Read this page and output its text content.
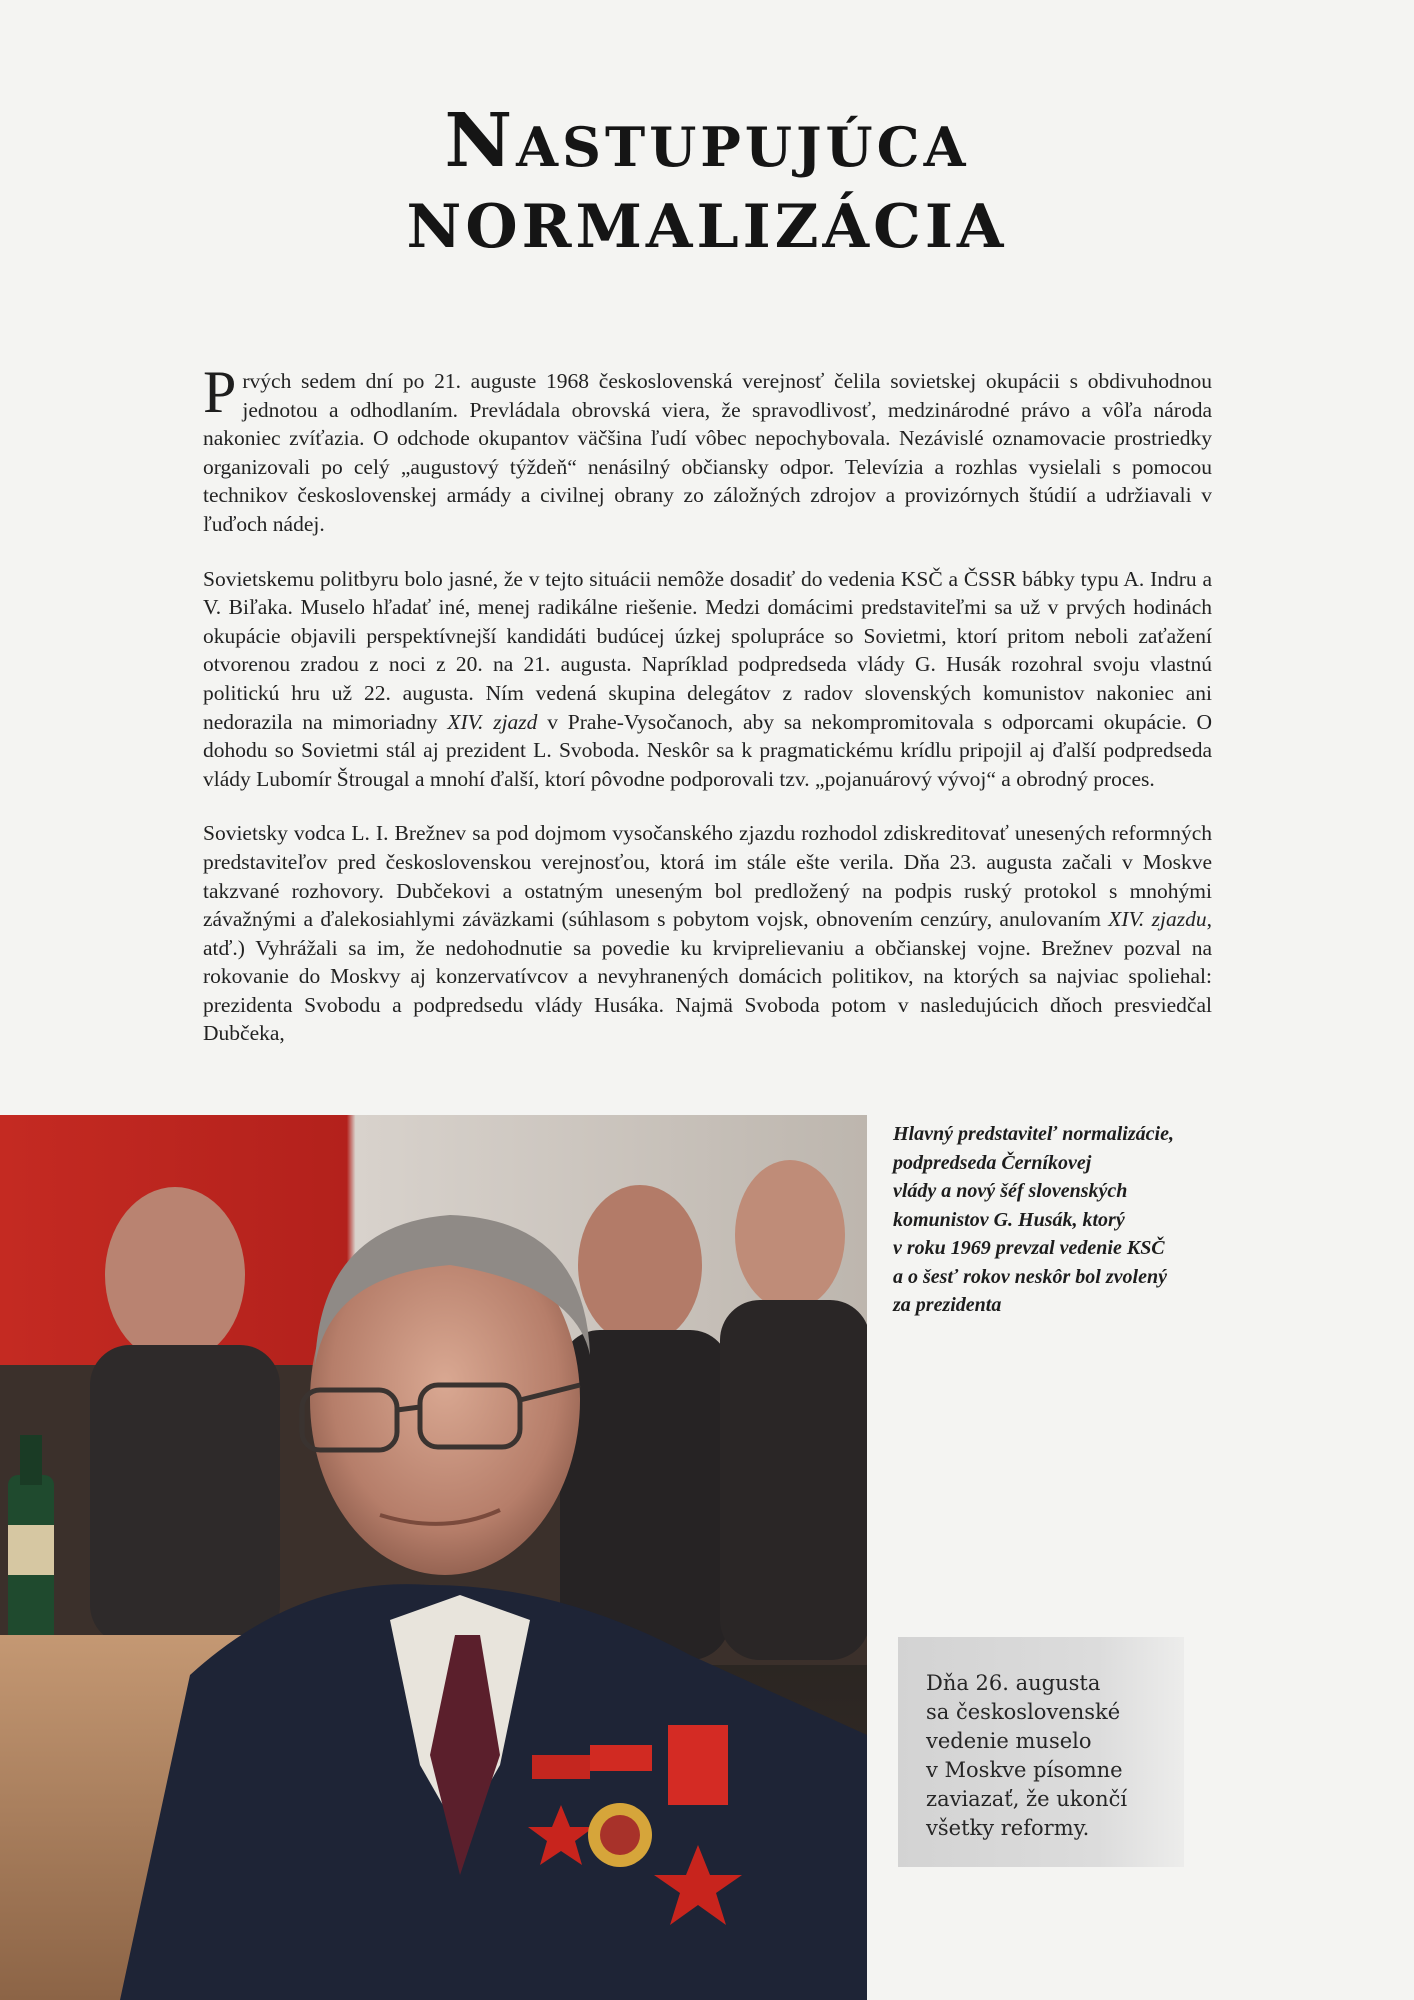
NASTUPUJÚCA
NORMALIZÁCIA

Prvých sedem dní po 21. auguste 1968 československá verejnosť čelila sovietskej okupácii s obdivuhodnou jednotou a odhodlaním. Prevládala obrovská viera, že spravodlivosť, medzinárodné právo a vôľa národa nakoniec zvíťazia. O odchode okupantov väčšina ľudí vôbec nepochybovala. Nezávislé oznamovacie prostriedky organizovali po celý „augustový týždeň“ nenásilný občiansky odpor. Televízia a rozhlas vysielali s pomocou technikov československej armády a civilnej obrany zo záložných zdrojov a provizórnych štúdií a udržiavali v ľuďoch nádej.

Sovietskemu politbyru bolo jasné, že v tejto situácii nemôže dosadiť do vedenia KSČ a ČSSR bábky typu A. Indru a V. Biľaka. Muselo hľadať iné, menej radikálne riešenie. Medzi domácimi predstaviteľmi sa už v prvých hodinách okupácie objavili perspektívnejší kandidáti budúcej úzkej spolupráce so Sovietmi, ktorí pritom neboli zaťažení otvorenou zradou z noci z 20. na 21. augusta. Napríklad podpredseda vlády G. Husák rozohral svoju vlastnú politickú hru už 22. augusta. Ním vedená skupina delegátov z radov slovenských komunistov nakoniec ani nedorazila na mimoriadny XIV. zjazd v Prahe-Vysočanoch, aby sa nekompromitovala s odporcami okupácie. O dohodu so Sovietmi stál aj prezident L. Svoboda. Neskôr sa k pragmatickému krídlu pripojil aj ďalší podpredseda vlády Lubomír Štrougal a mnohí ďalší, ktorí pôvodne podporovali tzv. „pojanuárový vývoj“ a obrodný proces.

Sovietsky vodca L. I. Brežnev sa pod dojmom vysočanského zjazdu rozhodol zdiskreditovať unesených reformných predstaviteľov pred československou verejnosťou, ktorá im stále ešte verila. Dňa 23. augusta začali v Moskve takzvané rozhovory. Dubčekovi a ostatným uneseným bol predložený na podpis ruský protokol s mnohými závažnými a ďalekosiahlymi záväzkami (súhlasom s pobytom vojsk, obnovením cenzúry, anulovaním XIV. zjazdu, atď.) Vyhrážali sa im, že nedohodnutie sa povedie ku krviprelievaniu a občianskej vojne. Brežnev pozval na rokovanie do Moskvy aj konzervatívcov a nevyhranených domácich politikov, na ktorých sa najviac spoliehal: prezidenta Svobodu a podpredsedu vlády Husáka. Najmä Svoboda potom v nasledujúcich dňoch presviedčal Dubčeka,

Hlavný predstaviteľ normalizácie,
podpredseda Černíkovej
vlády a nový šéf slovenských
komunistov G. Husák, ktorý
v roku 1969 prevzal vedenie KSČ
a o šesť rokov neskôr bol zvolený
za prezidenta
Dňa 26. augusta
sa československé
vedenie muselo
v Moskve písomne
zaviazať, že ukončí
všetky reformy.
